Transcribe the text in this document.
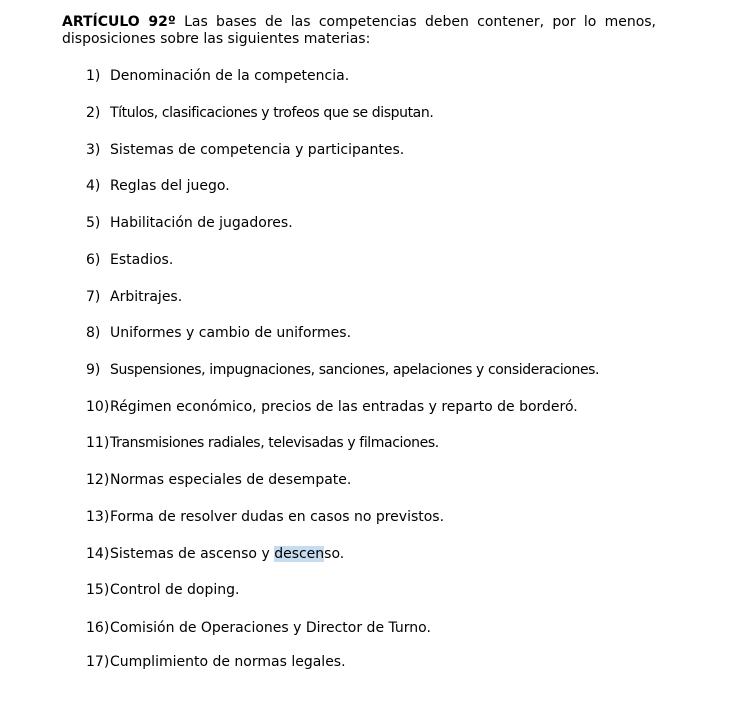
ARTÍCULO 92º Las bases de las competencias deben contener, por lo menos, disposiciones sobre las siguientes materias:

1) Denominación de la competencia.
2) Títulos, clasificaciones y trofeos que se disputan.
3) Sistemas de competencia y participantes.
4) Reglas del juego.
5) Habilitación de jugadores.
6) Estadios.
7) Arbitrajes.
8) Uniformes y cambio de uniformes.
9) Suspensiones, impugnaciones, sanciones, apelaciones y consideraciones.
10)Régimen económico, precios de las entradas y reparto de borderó.
11)Transmisiones radiales, televisadas y filmaciones.
12)Normas especiales de desempate.
13)Forma de resolver dudas en casos no previstos.
14)Sistemas de ascenso y descenso.
15)Control de doping.
16)Comisión de Operaciones y Director de Turno.
17)Cumplimiento de normas legales.
